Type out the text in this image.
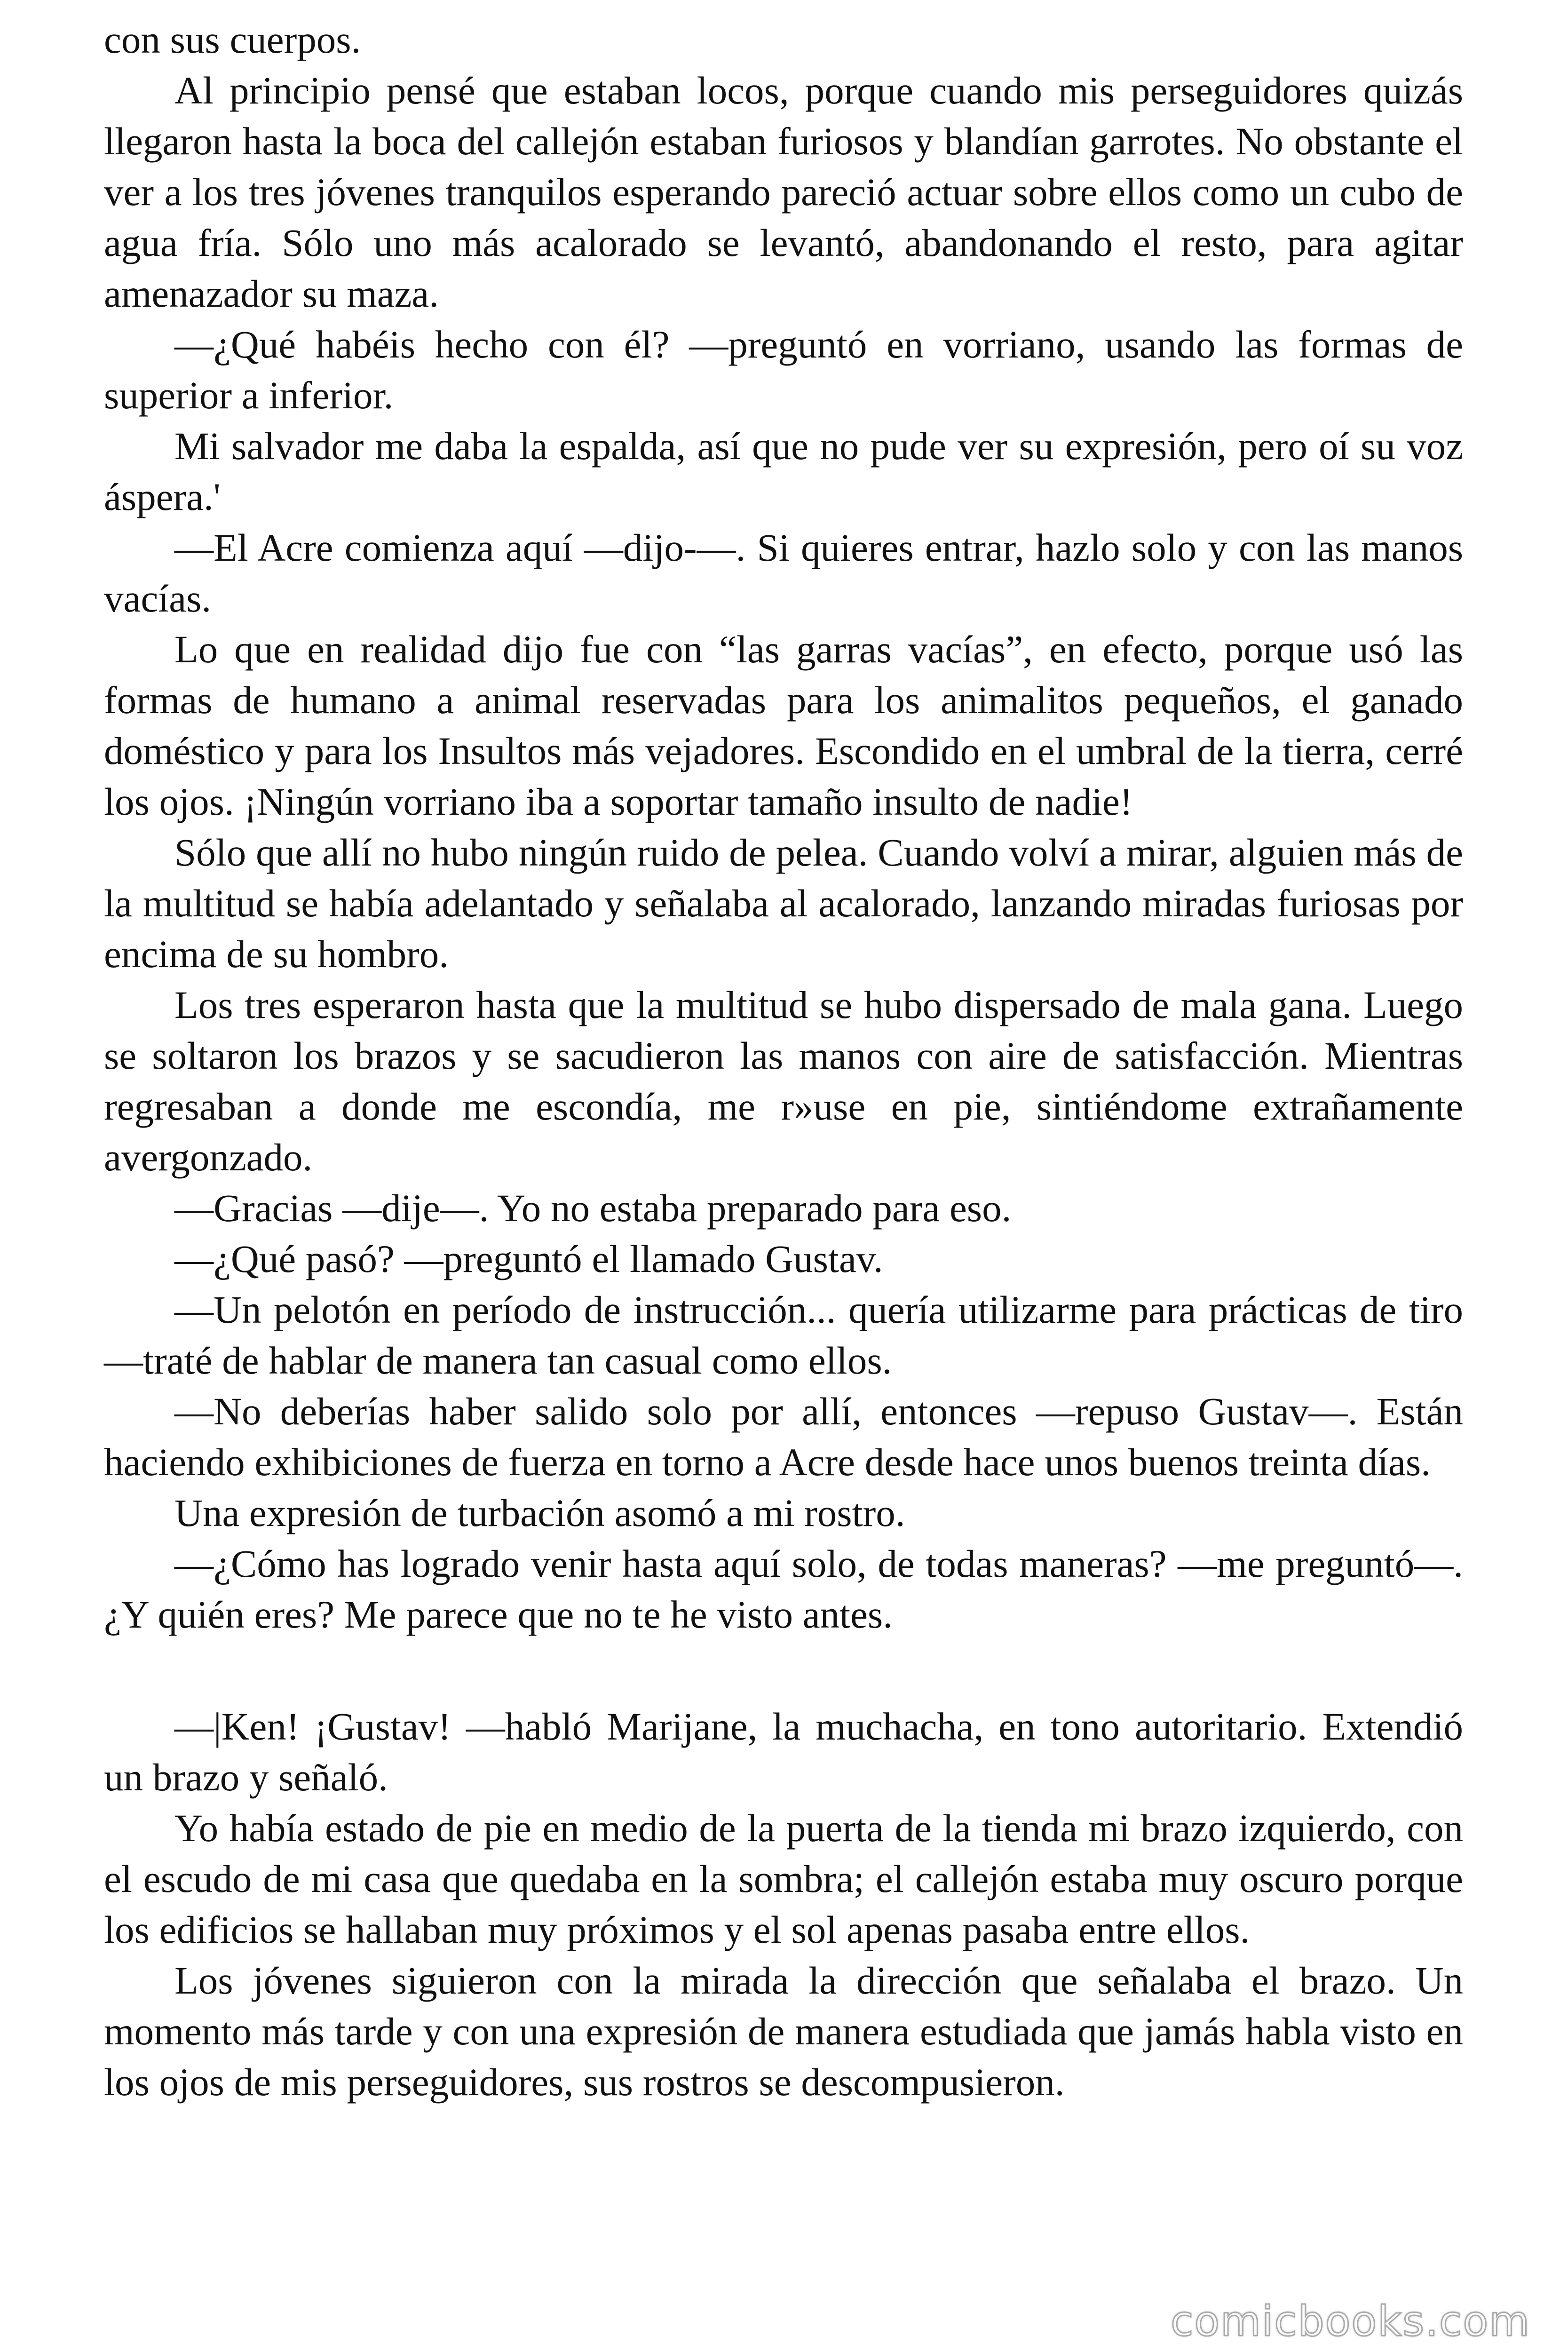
con sus cuerpos.

Al principio pensé que estaban locos, porque cuando mis perseguidores quizás llegaron hasta la boca del callejón estaban furiosos y blandían garrotes. No obstante el ver a los tres jóvenes tranquilos esperando pareció actuar sobre ellos como un cubo de agua fría. Sólo uno más acalorado se levantó, abandonando el resto, para agitar amenazador su maza.

—¿Qué habéis hecho con él? —preguntó en vorriano, usando las formas de superior a inferior.

Mi salvador me daba la espalda, así que no pude ver su expresión, pero oí su voz áspera.'

—El Acre comienza aquí —dijo-—. Si quieres entrar, hazlo solo y con las manos vacías.

Lo que en realidad dijo fue con “las garras vacías”, en efecto, porque usó las formas de humano a animal reservadas para los animalitos pequeños, el ganado doméstico y para los Insultos más vejadores. Escondido en el umbral de la tierra, cerré los ojos. ¡Ningún vorriano iba a soportar tamaño insulto de nadie!

Sólo que allí no hubo ningún ruido de pelea. Cuando volví a mirar, alguien más de la multitud se había adelantado y señalaba al acalorado, lanzando miradas furiosas por encima de su hombro.

Los tres esperaron hasta que la multitud se hubo dispersado de mala gana. Luego se soltaron los brazos y se sacudieron las manos con aire de satisfacción. Mientras regresaban a donde me escondía, me r»use en pie, sintiéndome extrañamente avergonzado.

—Gracias —dije—. Yo no estaba preparado para eso.

—¿Qué pasó? —preguntó el llamado Gustav.

—Un pelotón en período de instrucción... quería utilizarme para prácticas de tiro —traté de hablar de manera tan casual como ellos.

—No deberías haber salido solo por allí, entonces —repuso Gustav—. Están haciendo exhibiciones de fuerza en torno a Acre desde hace unos buenos treinta días.

Una expresión de turbación asomó a mi rostro.

—¿Cómo has logrado venir hasta aquí solo, de todas maneras? —me preguntó—. ¿Y quién eres? Me parece que no te he visto antes.

—|Ken! ¡Gustav! —habló Marijane, la muchacha, en tono autoritario. Extendió un brazo y señaló.

Yo había estado de pie en medio de la puerta de la tienda mi brazo izquierdo, con el escudo de mi casa que quedaba en la sombra; el callejón estaba muy oscuro porque los edificios se hallaban muy próximos y el sol apenas pasaba entre ellos.

Los jóvenes siguieron con la mirada la dirección que señalaba el brazo. Un momento más tarde y con una expresión de manera estudiada que jamás habla visto en los ojos de mis perseguidores, sus rostros se descompusieron.

comicbooks.com
